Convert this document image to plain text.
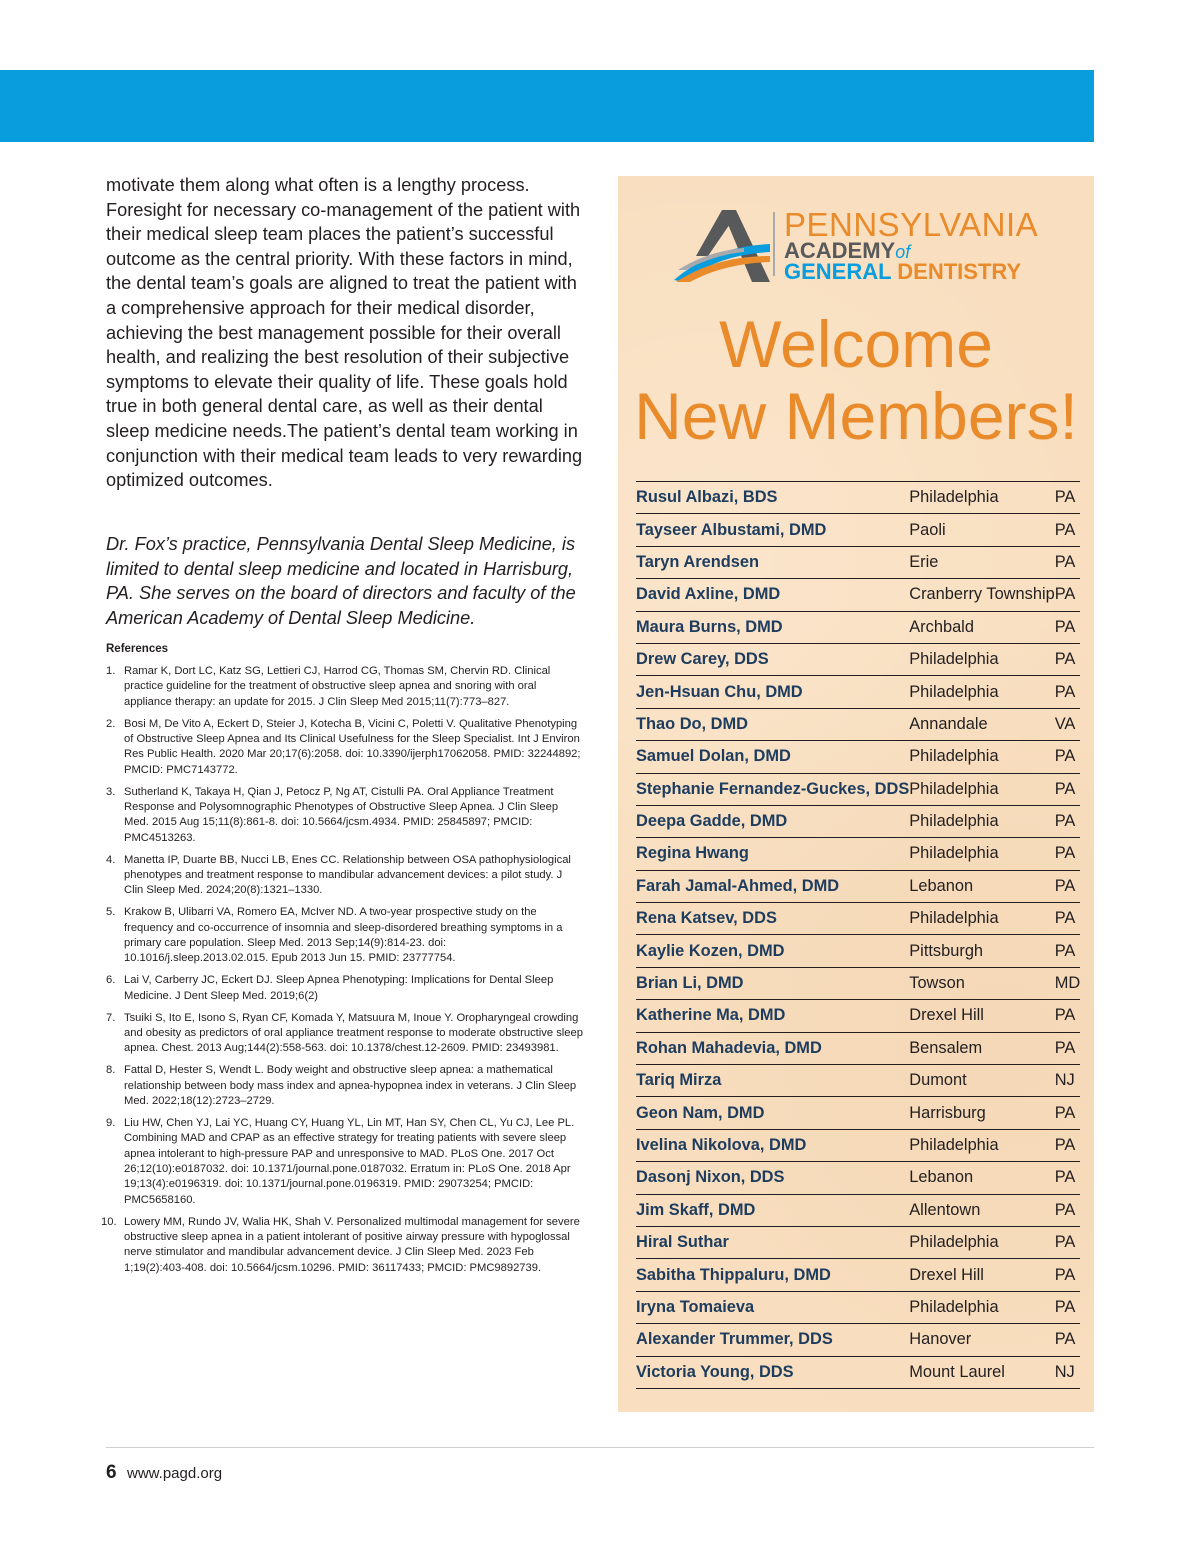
motivate them along what often is a lengthy process. Foresight for necessary co-management of the patient with their medical sleep team places the patient’s successful outcome as the central priority. With these factors in mind, the dental team’s goals are aligned to treat the patient with a comprehensive approach for their medical disorder, achieving the best management possible for their overall health, and realizing the best resolution of their subjective symptoms to elevate their quality of life. These goals hold true in both general dental care, as well as their dental sleep medicine needs.The patient’s dental team working in conjunction with their medical team leads to very rewarding optimized outcomes.

Dr. Fox’s practice, Pennsylvania Dental Sleep Medicine, is limited to dental sleep medicine and located in Harrisburg, PA. She serves on the board of directors and faculty of the American Academy of Dental Sleep Medicine.

References
1. Ramar K, Dort LC, Katz SG, Lettieri CJ, Harrod CG, Thomas SM, Chervin RD. Clinical practice guideline for the treatment of obstructive sleep apnea and snoring with oral appliance therapy: an update for 2015. J Clin Sleep Med 2015;11(7):773–827.
2. Bosi M, De Vito A, Eckert D, Steier J, Kotecha B, Vicini C, Poletti V. Qualitative Phenotyping of Obstructive Sleep Apnea and Its Clinical Usefulness for the Sleep Specialist. Int J Environ Res Public Health. 2020 Mar 20;17(6):2058. doi: 10.3390/ijerph17062058. PMID: 32244892; PMCID: PMC7143772.
3. Sutherland K, Takaya H, Qian J, Petocz P, Ng AT, Cistulli PA. Oral Appliance Treatment Response and Polysomnographic Phenotypes of Obstructive Sleep Apnea. J Clin Sleep Med. 2015 Aug 15;11(8):861-8. doi: 10.5664/jcsm.4934. PMID: 25845897; PMCID: PMC4513263.
4. Manetta IP, Duarte BB, Nucci LB, Enes CC. Relationship between OSA pathophysiological phenotypes and treatment response to mandibular advancement devices: a pilot study. J Clin Sleep Med. 2024;20(8):1321–1330.
5. Krakow B, Ulibarri VA, Romero EA, McIver ND. A two-year prospective study on the frequency and co-occurrence of insomnia and sleep-disordered breathing symptoms in a primary care population. Sleep Med. 2013 Sep;14(9):814-23. doi: 10.1016/j.sleep.2013.02.015. Epub 2013 Jun 15. PMID: 23777754.
6. Lai V, Carberry JC, Eckert DJ. Sleep Apnea Phenotyping: Implications for Dental Sleep Medicine. J Dent Sleep Med. 2019;6(2)
7. Tsuiki S, Ito E, Isono S, Ryan CF, Komada Y, Matsuura M, Inoue Y. Oropharyngeal crowding and obesity as predictors of oral appliance treatment response to moderate obstructive sleep apnea. Chest. 2013 Aug;144(2):558-563. doi: 10.1378/chest.12-2609. PMID: 23493981.
8. Fattal D, Hester S, Wendt L. Body weight and obstructive sleep apnea: a mathematical relationship between body mass index and apnea-hypopnea index in veterans. J Clin Sleep Med. 2022;18(12):2723–2729.
9. Liu HW, Chen YJ, Lai YC, Huang CY, Huang YL, Lin MT, Han SY, Chen CL, Yu CJ, Lee PL. Combining MAD and CPAP as an effective strategy for treating patients with severe sleep apnea intolerant to high-pressure PAP and unresponsive to MAD. PLoS One. 2017 Oct 26;12(10):e0187032. doi: 10.1371/journal.pone.0187032. Erratum in: PLoS One. 2018 Apr 19;13(4):e0196319. doi: 10.1371/journal.pone.0196319. PMID: 29073254; PMCID: PMC5658160.
10. Lowery MM, Rundo JV, Walia HK, Shah V. Personalized multimodal management for severe obstructive sleep apnea in a patient intolerant of positive airway pressure with hypoglossal nerve stimulator and mandibular advancement device. J Clin Sleep Med. 2023 Feb 1;19(2):403-408. doi: 10.5664/jcsm.10296. PMID: 36117433; PMCID: PMC9892739.
PENNSYLVANIA
ACADEMYof
GENERAL DENTISTRY
Welcome
New Members!
Rusul Albazi, BDS	Philadelphia	PA
Tayseer Albustami, DMD	Paoli	PA
Taryn Arendsen	Erie	PA
David Axline, DMD	Cranberry Township	PA
Maura Burns, DMD	Archbald	PA
Drew Carey, DDS	Philadelphia	PA
Jen-Hsuan Chu, DMD	Philadelphia	PA
Thao Do, DMD	Annandale	VA
Samuel Dolan, DMD	Philadelphia	PA
Stephanie Fernandez-Guckes, DDS	Philadelphia	PA
Deepa Gadde, DMD	Philadelphia	PA
Regina Hwang	Philadelphia	PA
Farah Jamal-Ahmed, DMD	Lebanon	PA
Rena Katsev, DDS	Philadelphia	PA
Kaylie Kozen, DMD	Pittsburgh	PA
Brian Li, DMD	Towson	MD
Katherine Ma, DMD	Drexel Hill	PA
Rohan Mahadevia, DMD	Bensalem	PA
Tariq Mirza	Dumont	NJ
Geon Nam, DMD	Harrisburg	PA
Ivelina Nikolova, DMD	Philadelphia	PA
Dasonj Nixon, DDS	Lebanon	PA
Jim Skaff, DMD	Allentown	PA
Hiral Suthar	Philadelphia	PA
Sabitha Thippaluru, DMD	Drexel Hill	PA
Iryna Tomaieva	Philadelphia	PA
Alexander Trummer, DDS	Hanover	PA
Victoria Young, DDS	Mount Laurel	NJ
6 www.pagd.org
